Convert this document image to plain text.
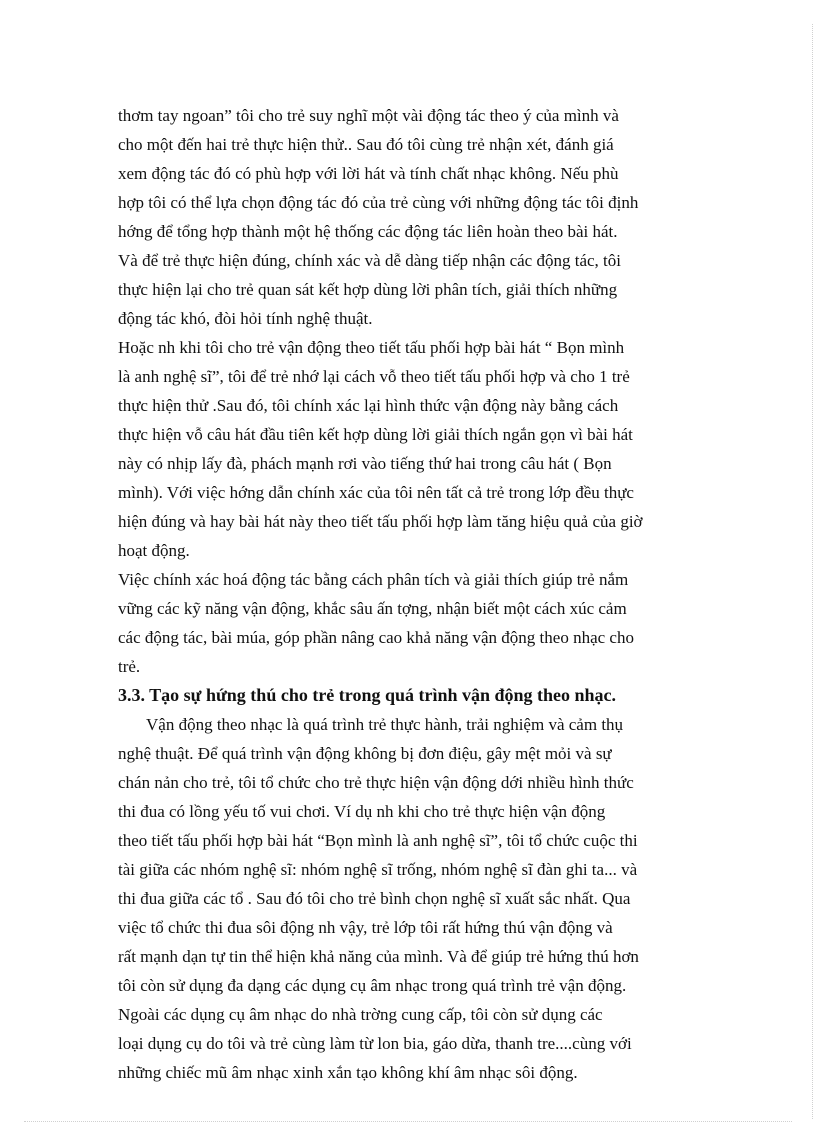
thơm tay ngoan” tôi cho trẻ suy nghĩ một vài động tác theo ý của mình và
cho một đến hai trẻ thực hiện thử.. Sau đó tôi cùng trẻ nhận xét, đánh giá
xem động tác đó có phù hợp với lời hát và tính chất nhạc không. Nếu phù
hợp tôi có thể lựa chọn động tác đó của trẻ cùng với những động tác tôi định
hớng để tổng hợp thành một hệ thống các động tác liên hoàn theo bài hát.
Và để trẻ thực hiện đúng, chính xác và dễ dàng tiếp nhận các động tác, tôi
thực hiện lại cho trẻ quan sát kết hợp dùng lời phân tích, giải thích những
động tác khó, đòi hỏi tính nghệ thuật.
Hoặc nh khi tôi cho trẻ vận động theo tiết tấu phối hợp bài hát “ Bọn mình
là anh nghệ sĩ”, tôi để trẻ nhớ lại cách vỗ theo tiết tấu phối hợp và cho 1 trẻ
thực hiện thử .Sau đó, tôi chính xác lại hình thức vận động này bằng cách
thực hiện vỗ câu hát đầu tiên kết hợp dùng lời giải thích ngắn gọn vì bài hát
này có nhịp lấy đà, phách mạnh rơi vào tiếng thứ hai trong câu hát ( Bọn
mình). Với việc hớng dẫn chính xác của tôi nên tất cả trẻ trong lớp đều thực
hiện đúng và hay bài hát này theo tiết tấu phối hợp làm tăng hiệu quả của giờ
hoạt động.
Việc chính xác hoá động tác bằng cách phân tích và giải thích giúp trẻ nắm
vững các kỹ năng vận động, khắc sâu ấn tợng, nhận biết một cách xúc cảm
các động tác, bài múa, góp phần nâng cao khả năng vận động theo nhạc cho
trẻ.
3.3. Tạo sự hứng thú cho trẻ trong quá trình vận động theo nhạc.
Vận động theo nhạc là quá trình trẻ thực hành, trải nghiệm và cảm thụ
nghệ thuật. Để quá trình vận động không bị đơn điệu, gây mệt mỏi và sự
chán nản cho trẻ, tôi tổ chức cho trẻ thực hiện vận động dới nhiều hình thức
thi đua có lồng yếu tố vui chơi. Ví dụ nh khi cho trẻ thực hiện vận động
theo tiết tấu phối hợp bài hát “Bọn mình là anh nghệ sĩ”, tôi tổ chức cuộc thi
tài giữa các nhóm nghệ sĩ: nhóm nghệ sĩ trống, nhóm nghệ sĩ đàn ghi ta... và
thi đua giữa các tổ . Sau đó tôi cho trẻ bình chọn nghệ sĩ xuất sắc nhất. Qua
việc tổ chức thi đua sôi động nh vậy, trẻ lớp tôi rất hứng thú vận động và
rất mạnh dạn tự tin thể hiện khả năng của mình. Và để giúp trẻ hứng thú hơn
tôi còn sử dụng đa dạng các dụng cụ âm nhạc trong quá trình trẻ vận động.
Ngoài các dụng cụ âm nhạc do nhà trờng cung cấp, tôi còn sử dụng các
loại dụng cụ do tôi và trẻ cùng làm từ lon bia, gáo dừa, thanh tre....cùng với
những chiếc mũ âm nhạc xinh xắn tạo không khí âm nhạc sôi động.
